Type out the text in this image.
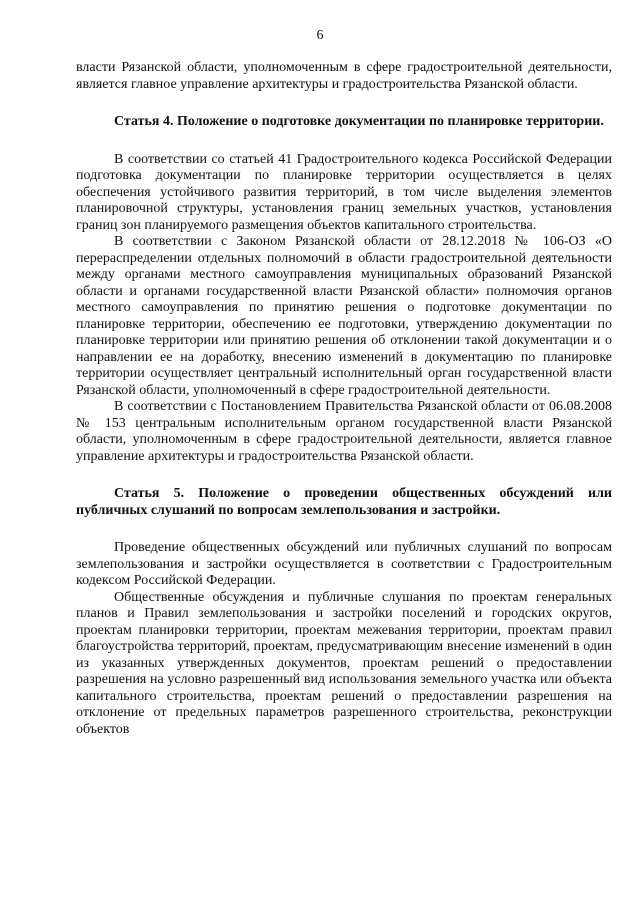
6

власти Рязанской области, уполномоченным в сфере градостроительной деятельности, является главное управление архитектуры и градостроительства Рязанской области.

Статья 4. Положение о подготовке документации по планировке территории.

В соответствии со статьей 41 Градостроительного кодекса Российской Федерации подготовка документации по планировке территории осуществляется в целях обеспечения устойчивого развития территорий, в том числе выделения элементов планировочной структуры, установления границ земельных участков, установления границ зон планируемого размещения объектов капитального строительства.

В соответствии с Законом Рязанской области от 28.12.2018 № 106-ОЗ «О перераспределении отдельных полномочий в области градостроительной деятельности между органами местного самоуправления муниципальных образований Рязанской области и органами государственной власти Рязанской области» полномочия органов местного самоуправления по принятию решения о подготовке документации по планировке территории, обеспечению ее подготовки, утверждению документации по планировке территории или принятию решения об отклонении такой документации и о направлении ее на доработку, внесению изменений в документацию по планировке территории осуществляет центральный исполнительный орган государственной власти Рязанской области, уполномоченный в сфере градостроительной деятельности.

В соответствии с Постановлением Правительства Рязанской области от 06.08.2008 № 153 центральным исполнительным органом государственной власти Рязанской области, уполномоченным в сфере градостроительной деятельности, является главное управление архитектуры и градостроительства Рязанской области.

Статья 5. Положение о проведении общественных обсуждений или публичных слушаний по вопросам землепользования и застройки.

Проведение общественных обсуждений или публичных слушаний по вопросам землепользования и застройки осуществляется в соответствии с Градостроительным кодексом Российской Федерации.

Общественные обсуждения и публичные слушания по проектам генеральных планов и Правил землепользования и застройки поселений и городских округов, проектам планировки территории, проектам межевания территории, проектам правил благоустройства территорий, проектам, предусматривающим внесение изменений в один из указанных утвержденных документов, проектам решений о предоставлении разрешения на условно разрешенный вид использования земельного участка или объекта капитального строительства, проектам решений о предоставлении разрешения на отклонение от предельных параметров разрешенного строительства, реконструкции объектов
